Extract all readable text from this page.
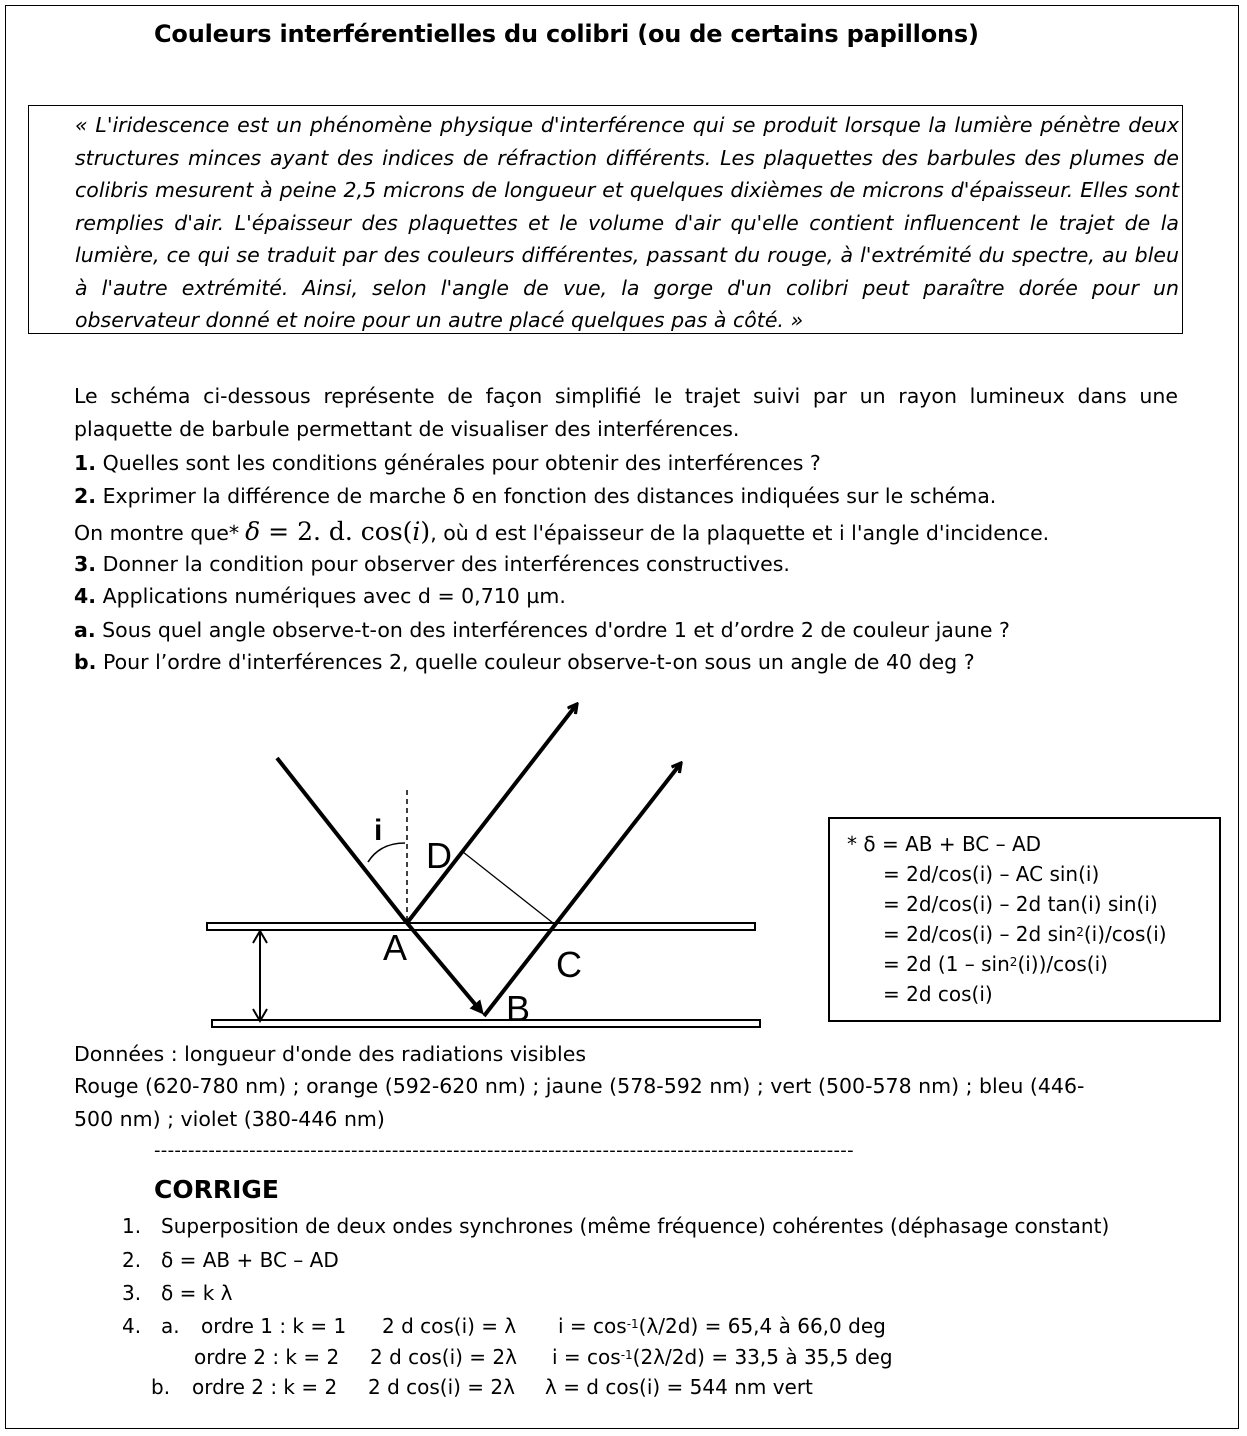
Couleurs interférentielles du colibri (ou de certains papillons)

« L'iridescence est un phénomène physique d'interférence qui se produit lorsque la lumière pénètre deux structures minces ayant des indices de réfraction différents. Les plaquettes des barbules des plumes de colibris mesurent à peine 2,5 microns de longueur et quelques dixièmes de microns d'épaisseur. Elles sont remplies d'air. L'épaisseur des plaquettes et le volume d'air qu'elle contient influencent le trajet de la lumière, ce qui se traduit par des couleurs différentes, passant du rouge, à l'extrémité du spectre, au bleu à l'autre extrémité. Ainsi, selon l'angle de vue, la gorge d'un colibri peut paraître dorée pour un observateur donné et noire pour un autre placé quelques pas à côté. »

Le schéma ci-dessous représente de façon simplifié le trajet suivi par un rayon lumineux dans une plaquette de barbule permettant de visualiser des interférences.

1. Quelles sont les conditions générales pour obtenir des interférences ?
2. Exprimer la différence de marche δ en fonction des distances indiquées sur le schéma.
On montre que* δ = 2. d. cos(i), où d est l'épaisseur de la plaquette et i l'angle d'incidence.
3. Donner la condition pour observer des interférences constructives.
4. Applications numériques avec d = 0,710 µm.
a. Sous quel angle observe-t-on des interférences d'ordre 1 et d’ordre 2 de couleur jaune ?
b. Pour l’ordre d'interférences 2, quelle couleur observe-t-on sous un angle de 40 deg ?
i
D
A	C
B
* δ = AB + BC – AD
= 2d/cos(i) – AC sin(i)
= 2d/cos(i) – 2d tan(i) sin(i)
= 2d/cos(i) – 2d $\sin^2(i)/\cos(i)$
= 2d $(1 - \sin^2(i))/\cos(i)$
= 2d cos(i)
Données : longueur d'onde des radiations visibles
Rouge (620-780 nm) ; orange (592-620 nm) ; jaune (578-592 nm) ; vert (500-578 nm) ; bleu (446-
500 nm) ; violet (380-446 nm)
-------------------------------------------------------------------------------------------------------
CORRIGE
1. Superposition de deux ondes synchrones (même fréquence) cohérentes (déphasage constant)
2. δ = AB + BC – AD
3. δ = k λ
4. a. ordre 1 : k = 1 2 d cos(i) = λ $i = \cos^{-1}(\lambda/2d) = 65,4$ à 66,0 deg
ordre 2 : k = 2 2 d cos(i) = 2λ $i = \cos^{-1}(2\lambda/2d) = 33,5$ à 35,5 deg
b. ordre 2 : k = 2 2 d cos(i) = 2λ λ = d cos(i) = 544 nm vert
